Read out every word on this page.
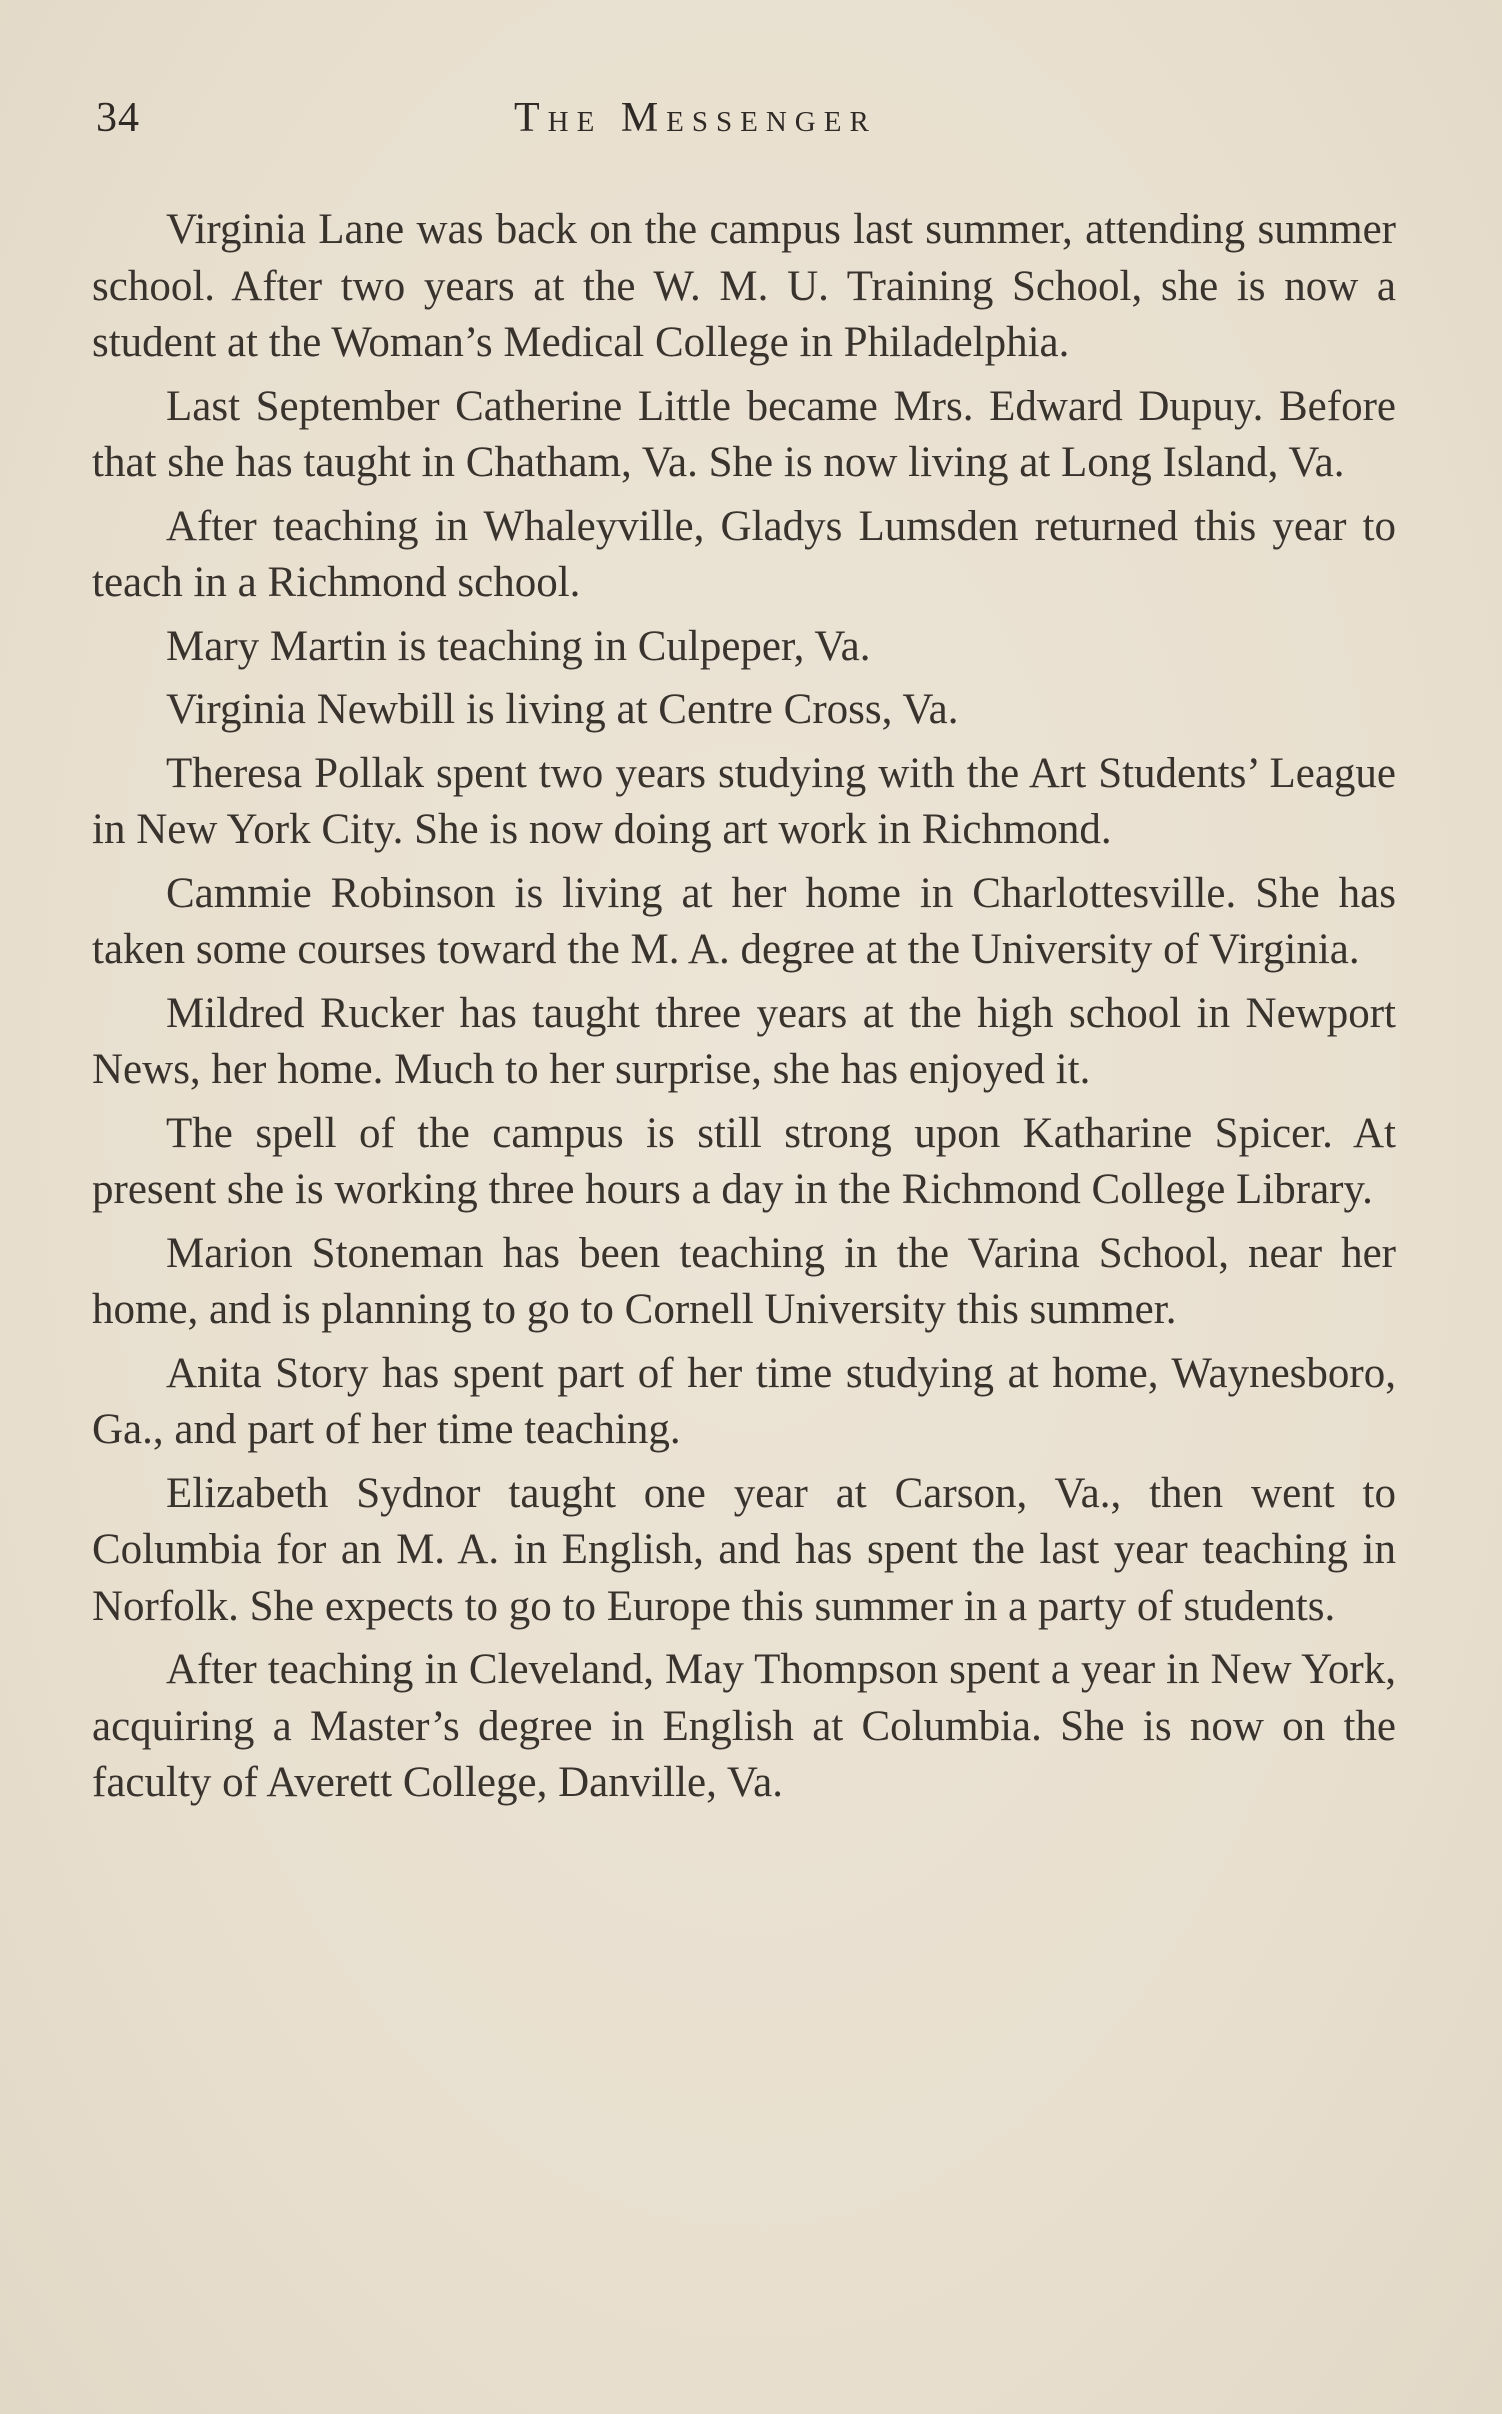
34	The Messenger

Virginia Lane was back on the campus last summer, attending summer school. After two years at the W. M. U. Training School, she is now a student at the Woman’s Medical College in Philadelphia.

Last September Catherine Little became Mrs. Edward Dupuy. Before that she has taught in Chatham, Va. She is now living at Long Island, Va.

After teaching in Whaleyville, Gladys Lumsden returned this year to teach in a Richmond school.

Mary Martin is teaching in Culpeper, Va.

Virginia Newbill is living at Centre Cross, Va.

Theresa Pollak spent two years studying with the Art Students’ League in New York City. She is now doing art work in Richmond.

Cammie Robinson is living at her home in Charlottesville. She has taken some courses toward the M. A. degree at the University of Virginia.

Mildred Rucker has taught three years at the high school in Newport News, her home. Much to her surprise, she has enjoyed it.

The spell of the campus is still strong upon Katharine Spicer. At present she is working three hours a day in the Richmond College Library.

Marion Stoneman has been teaching in the Varina School, near her home, and is planning to go to Cornell University this summer.

Anita Story has spent part of her time studying at home, Waynesboro, Ga., and part of her time teaching.

Elizabeth Sydnor taught one year at Carson, Va., then went to Columbia for an M. A. in English, and has spent the last year teaching in Norfolk. She expects to go to Europe this summer in a party of students.

After teaching in Cleveland, May Thompson spent a year in New York, acquiring a Master’s degree in English at Columbia. She is now on the faculty of Averett College, Danville, Va.
